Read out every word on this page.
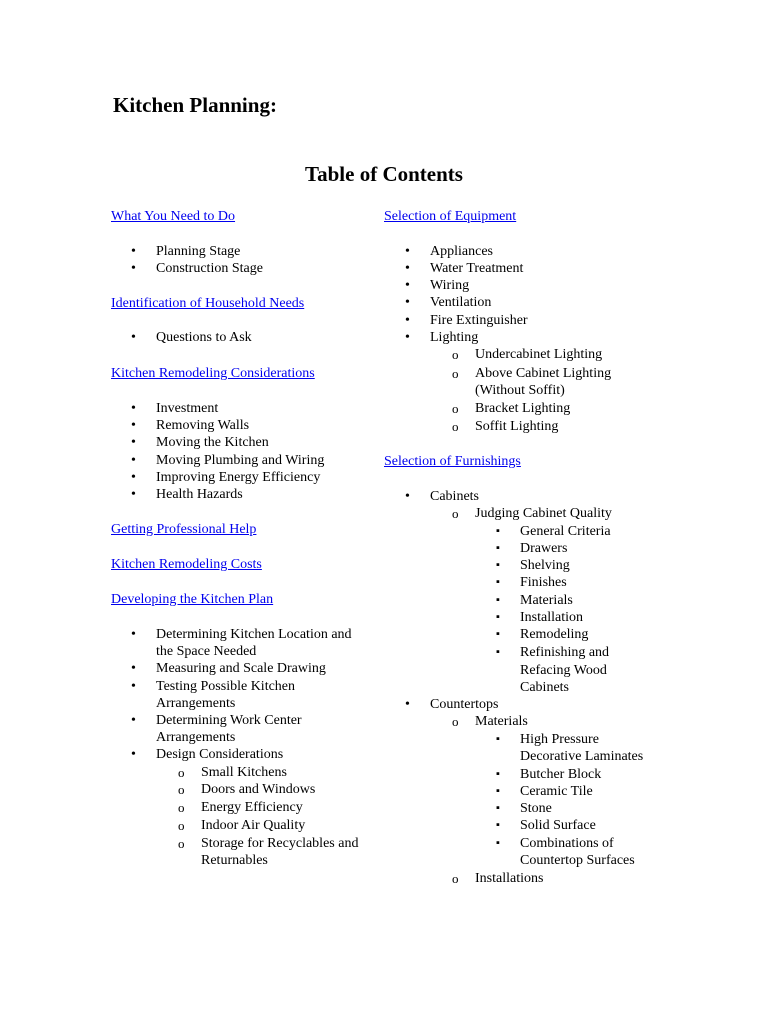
Kitchen Planning:
Table of Contents
What You Need to Do
• Planning Stage
• Construction Stage
Identification of Household Needs
• Questions to Ask
Kitchen Remodeling Considerations
• Investment
• Removing Walls
• Moving the Kitchen
• Moving Plumbing and Wiring
• Improving Energy Efficiency
• Health Hazards
Getting Professional Help
Kitchen Remodeling Costs
Developing the Kitchen Plan
• Determining Kitchen Location and
the Space Needed
• Measuring and Scale Drawing
• Testing Possible Kitchen
Arrangements
• Determining Work Center
Arrangements
• Design Considerations
o Small Kitchens
o Doors and Windows
o Energy Efficiency
o Indoor Air Quality
o Storage for Recyclables and
Returnables
Selection of Equipment
• Appliances
• Water Treatment
• Wiring
• Ventilation
• Fire Extinguisher
• Lighting
o Undercabinet Lighting
o Above Cabinet Lighting
(Without Soffit)
o Bracket Lighting
o Soffit Lighting
Selection of Furnishings
• Cabinets
o Judging Cabinet Quality
▪ General Criteria
▪ Drawers
▪ Shelving
▪ Finishes
▪ Materials
▪ Installation
▪ Remodeling
▪ Refinishing and
Refacing Wood
Cabinets
• Countertops
o Materials
▪ High Pressure
Decorative Laminates
▪ Butcher Block
▪ Ceramic Tile
▪ Stone
▪ Solid Surface
▪ Combinations of
Countertop Surfaces
o Installations
